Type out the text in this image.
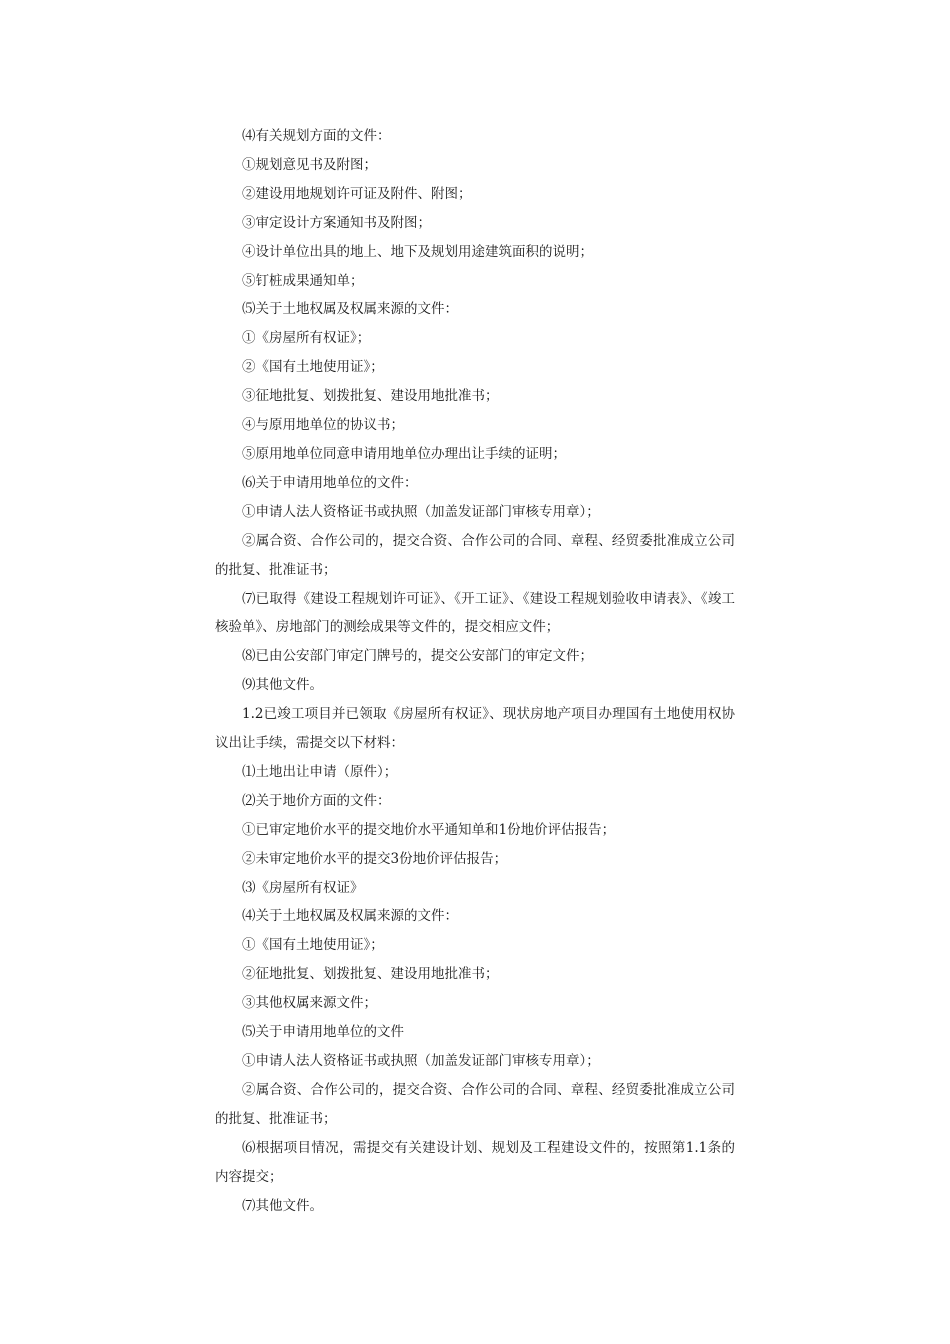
⑷有关规划方面的文件：

①规划意见书及附图；

②建设用地规划许可证及附件、附图；

③审定设计方案通知书及附图；

④设计单位出具的地上、地下及规划用途建筑面积的说明；

⑤钉桩成果通知单；

⑸关于土地权属及权属来源的文件：

①《房屋所有权证》；

②《国有土地使用证》；

③征地批复、划拨批复、建设用地批准书；

④与原用地单位的协议书；

⑤原用地单位同意申请用地单位办理出让手续的证明；

⑹关于申请用地单位的文件：

①申请人法人资格证书或执照（加盖发证部门审核专用章）；

②属合资、合作公司的，提交合资、合作公司的合同、章程、经贸委批准成立公司的批复、批准证书；

⑺已取得《建设工程规划许可证》、《开工证》、《建设工程规划验收申请表》、《竣工核验单》、房地部门的测绘成果等文件的，提交相应文件；

⑻已由公安部门审定门牌号的，提交公安部门的审定文件；

⑼其他文件。

1.2已竣工项目并已领取《房屋所有权证》、现状房地产项目办理国有土地使用权协议出让手续，需提交以下材料：

⑴土地出让申请（原件）；

⑵关于地价方面的文件：

①已审定地价水平的提交地价水平通知单和1份地价评估报告；

②未审定地价水平的提交3份地价评估报告；

⑶《房屋所有权证》

⑷关于土地权属及权属来源的文件：

①《国有土地使用证》；

②征地批复、划拨批复、建设用地批准书；

③其他权属来源文件；

⑸关于申请用地单位的文件

①申请人法人资格证书或执照（加盖发证部门审核专用章）；

②属合资、合作公司的，提交合资、合作公司的合同、章程、经贸委批准成立公司的批复、批准证书；

⑹根据项目情况，需提交有关建设计划、规划及工程建设文件的，按照第1.1条的内容提交；

⑺其他文件。
